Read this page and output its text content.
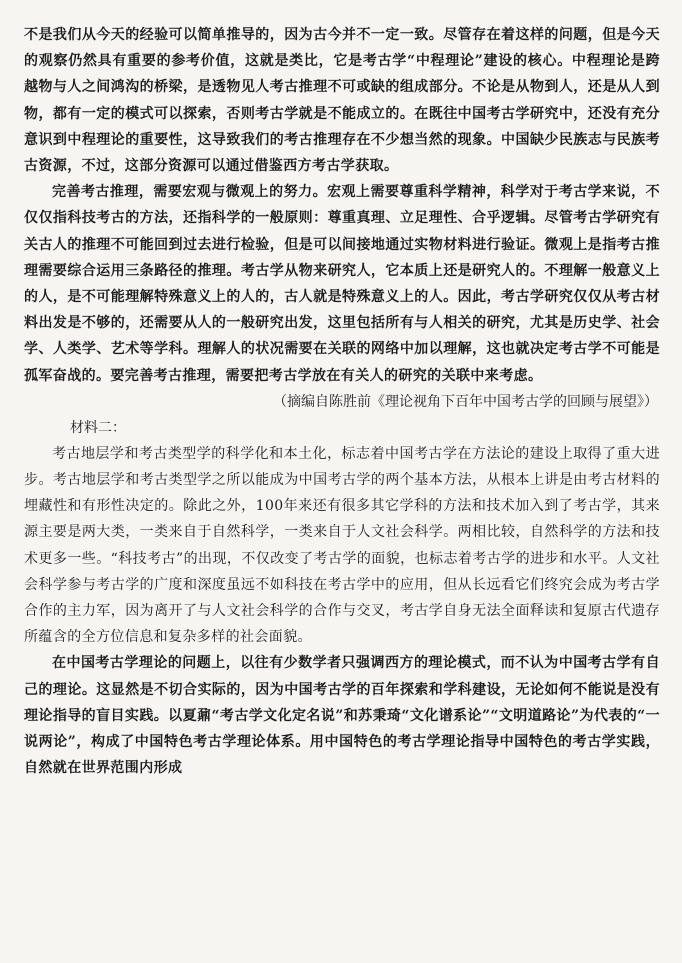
不是我们从今天的经验可以简单推导的，因为古今并不一定一致。尽管存在着这样的问题，但是今天的观察仍然具有重要的参考价值，这就是类比，它是考古学“中程理论”建设的核心。中程理论是跨越物与人之间鸿沟的桥梁，是透物见人考古推理不可或缺的组成部分。不论是从物到人，还是从人到物，都有一定的模式可以探索，否则考古学就是不能成立的。在既往中国考古学研究中，还没有充分意识到中程理论的重要性，这导致我们的考古推理存在不少想当然的现象。中国缺少民族志与民族考古资源，不过，这部分资源可以通过借鉴西方考古学获取。

完善考古推理，需要宏观与微观上的努力。宏观上需要尊重科学精神，科学对于考古学来说，不仅仅指科技考古的方法，还指科学的一般原则：尊重真理、立足理性、合乎逻辑。尽管考古学研究有关古人的推理不可能回到过去进行检验，但是可以间接地通过实物材料进行验证。微观上是指考古推理需要综合运用三条路径的推理。考古学从物来研究人，它本质上还是研究人的。不理解一般意义上的人，是不可能理解特殊意义上的人的，古人就是特殊意义上的人。因此，考古学研究仅仅从考古材料出发是不够的，还需要从人的一般研究出发，这里包括所有与人相关的研究，尤其是历史学、社会学、人类学、艺术等学科。理解人的状况需要在关联的网络中加以理解，这也就决定考古学不可能是孤军奋战的。要完善考古推理，需要把考古学放在有关人的研究的关联中来考虑。

（摘编自陈胜前《理论视角下百年中国考古学的回顾与展望》）

材料二：

考古地层学和考古类型学的科学化和本土化，标志着中国考古学在方法论的建设上取得了重大进步。考古地层学和考古类型学之所以能成为中国考古学的两个基本方法，从根本上讲是由考古材料的埋藏性和有形性决定的。除此之外，100年来还有很多其它学科的方法和技术加入到了考古学，其来源主要是两大类，一类来自于自然科学，一类来自于人文社会科学。两相比较，自然科学的方法和技术更多一些。“科技考古”的出现，不仅改变了考古学的面貌，也标志着考古学的进步和水平。人文社会科学参与考古学的广度和深度虽远不如科技在考古学中的应用，但从长远看它们终究会成为考古学合作的主力军，因为离开了与人文社会科学的合作与交叉，考古学自身无法全面释读和复原古代遗存所蕴含的全方位信息和复杂多样的社会面貌。

在中国考古学理论的问题上，以往有少数学者只强调西方的理论模式，而不认为中国考古学有自己的理论。这显然是不切合实际的，因为中国考古学的百年探索和学科建设，无论如何不能说是没有理论指导的盲目实践。以夏鼐“考古学文化定名说”和苏秉琦“文化谱系论”“文明道路论”为代表的“一说两论”，构成了中国特色考古学理论体系。用中国特色的考古学理论指导中国特色的考古学实践，自然就在世界范围内形成
